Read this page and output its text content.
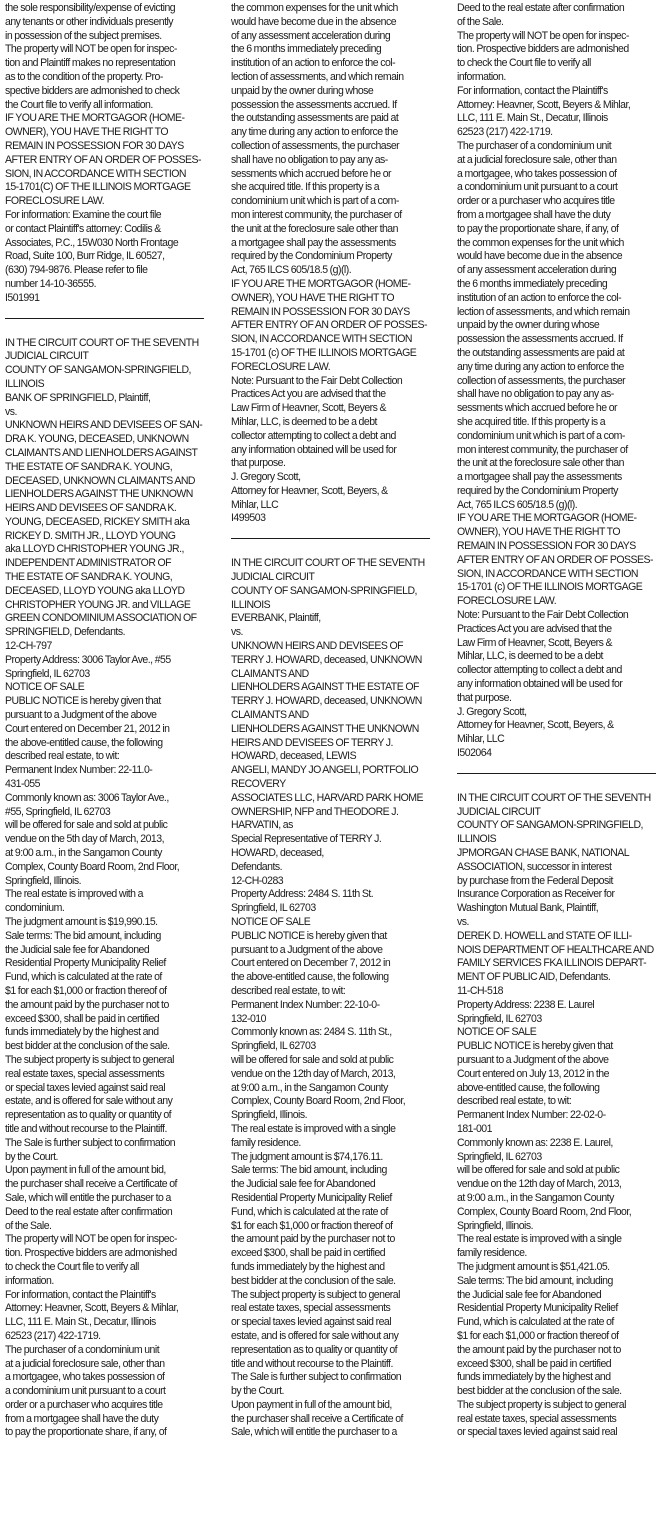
the sole responsibility/expense of evicting
any tenants or other individuals presently
in possession of the subject premises.
The property will NOT be open for inspec-
tion and Plaintiff makes no representation
as to the condition of the property. Pro-
spective bidders are admonished to check
the Court file to verify all information.
IF YOU ARE THE MORTGAGOR (HOME-
OWNER), YOU HAVE THE RIGHT TO
REMAIN IN POSSESSION FOR 30 DAYS
AFTER ENTRY OF AN ORDER OF POSSES-
SION, IN ACCORDANCE WITH SECTION
15-1701(C) OF THE ILLINOIS MORTGAGE
FORECLOSURE LAW.
For information: Examine the court file
or contact Plaintiff's attorney: Codilis &
Associates, P.C., 15W030 North Frontage
Road, Suite 100, Burr Ridge, IL 60527,
(630) 794-9876. Please refer to file
number 14-10-36555.
I501991
IN THE CIRCUIT COURT OF THE SEVENTH
JUDICIAL CIRCUIT
COUNTY OF SANGAMON-SPRINGFIELD,
ILLINOIS
BANK OF SPRINGFIELD, Plaintiff,
vs.
UNKNOWN HEIRS AND DEVISEES OF SAN-
DRA K. YOUNG, DECEASED, UNKNOWN
CLAIMANTS AND LIENHOLDERS AGAINST
THE ESTATE OF SANDRA K. YOUNG,
DECEASED, UNKNOWN CLAIMANTS AND
LIENHOLDERS AGAINST THE UNKNOWN
HEIRS AND DEVISEES OF SANDRA K.
YOUNG, DECEASED, RICKEY SMITH aka
RICKEY D. SMITH JR., LLOYD YOUNG
aka LLOYD CHRISTOPHER YOUNG JR.,
INDEPENDENT ADMINISTRATOR OF
THE ESTATE OF SANDRA K. YOUNG,
DECEASED, LLOYD YOUNG aka LLOYD
CHRISTOPHER YOUNG JR. and VILLAGE
GREEN CONDOMINIUM ASSOCIATION OF
SPRINGFIELD, Defendants.
12-CH-797
Property Address: 3006 Taylor Ave., #55
Springfield, IL 62703
NOTICE OF SALE
PUBLIC NOTICE is hereby given that
pursuant to a Judgment of the above
Court entered on December 21, 2012 in
the above-entitled cause, the following
described real estate, to wit:
Permanent Index Number: 22-11.0-
431-055
Commonly known as: 3006 Taylor Ave.,
#55, Springfield, IL 62703
will be offered for sale and sold at public
vendue on the 5th day of March, 2013,
at 9:00 a.m., in the Sangamon County
Complex, County Board Room, 2nd Floor,
Springfield, Illinois.
The real estate is improved with a
condominium.
The judgment amount is $19,990.15.
Sale terms: The bid amount, including
the Judicial sale fee for Abandoned
Residential Property Municipality Relief
Fund, which is calculated at the rate of
$1 for each $1,000 or fraction thereof of
the amount paid by the purchaser not to
exceed $300, shall be paid in certified
funds immediately by the highest and
best bidder at the conclusion of the sale.
The subject property is subject to general
real estate taxes, special assessments
or special taxes levied against said real
estate, and is offered for sale without any
representation as to quality or quantity of
title and without recourse to the Plaintiff.
The Sale is further subject to confirmation
by the Court.
Upon payment in full of the amount bid,
the purchaser shall receive a Certificate of
Sale, which will entitle the purchaser to a
Deed to the real estate after confirmation
of the Sale.
The property will NOT be open for inspec-
tion. Prospective bidders are admonished
to check the Court file to verify all
information.
For information, contact the Plaintiff's
Attorney: Heavner, Scott, Beyers & Mihlar,
LLC, 111 E. Main St., Decatur, Illinois
62523 (217) 422-1719.
The purchaser of a condominium unit
at a judicial foreclosure sale, other than
a mortgagee, who takes possession of
a condominium unit pursuant to a court
order or a purchaser who acquires title
from a mortgagee shall have the duty
to pay the proportionate share, if any, of
the common expenses for the unit which
would have become due in the absence
of any assessment acceleration during
the 6 months immediately preceding
institution of an action to enforce the col-
lection of assessments, and which remain
unpaid by the owner during whose
possession the assessments accrued. If
the outstanding assessments are paid at
any time during any action to enforce the
collection of assessments, the purchaser
shall have no obligation to pay any as-
sessments which accrued before he or
she acquired title. If this property is a
condominium unit which is part of a com-
mon interest community, the purchaser of
the unit at the foreclosure sale other than
a mortgagee shall pay the assessments
required by the Condominium Property
Act, 765 ILCS 605/18.5 (g)(l).
IF YOU ARE THE MORTGAGOR (HOME-
OWNER), YOU HAVE THE RIGHT TO
REMAIN IN POSSESSION FOR 30 DAYS
AFTER ENTRY OF AN ORDER OF POSSES-
SION, IN ACCORDANCE WITH SECTION
15-1701 (c) OF THE ILLINOIS MORTGAGE
FORECLOSURE LAW.
Note: Pursuant to the Fair Debt Collection
Practices Act you are advised that the
Law Firm of Heavner, Scott, Beyers &
Mihlar, LLC, is deemed to be a debt
collector attempting to collect a debt and
any information obtained will be used for
that purpose.
J. Gregory Scott,
Attorney for Heavner, Scott, Beyers, &
Mihlar, LLC
I499503
IN THE CIRCUIT COURT OF THE SEVENTH
JUDICIAL CIRCUIT
COUNTY OF SANGAMON-SPRINGFIELD,
ILLINOIS
EVERBANK, Plaintiff,
vs.
UNKNOWN HEIRS AND DEVISEES OF
TERRY J. HOWARD, deceased, UNKNOWN
CLAIMANTS AND
LIENHOLDERS AGAINST THE ESTATE OF
TERRY J. HOWARD, deceased, UNKNOWN
CLAIMANTS AND
LIENHOLDERS AGAINST THE UNKNOWN
HEIRS AND DEVISEES OF TERRY J.
HOWARD, deceased, LEWIS
ANGELI, MANDY JO ANGELI, PORTFOLIO
RECOVERY
ASSOCIATES LLC, HARVARD PARK HOME
OWNERSHIP, NFP and THEODORE J.
HARVATIN, as
Special Representative of TERRY J.
HOWARD, deceased,
Defendants.
12-CH-0283
Property Address: 2484 S. 11th St.
Springfield, IL 62703
NOTICE OF SALE
PUBLIC NOTICE is hereby given that
pursuant to a Judgment of the above
Court entered on December 7, 2012 in
the above-entitled cause, the following
described real estate, to wit:
Permanent Index Number: 22-10-0-
132-010
Commonly known as: 2484 S. 11th St.,
Springfield, IL 62703
will be offered for sale and sold at public
vendue on the 12th day of March, 2013,
at 9:00 a.m., in the Sangamon County
Complex, County Board Room, 2nd Floor,
Springfield, Illinois.
The real estate is improved with a single
family residence.
The judgment amount is $74,176.11.
Sale terms: The bid amount, including
the Judicial sale fee for Abandoned
Residential Property Municipality Relief
Fund, which is calculated at the rate of
$1 for each $1,000 or fraction thereof of
the amount paid by the purchaser not to
exceed $300, shall be paid in certified
funds immediately by the highest and
best bidder at the conclusion of the sale.
The subject property is subject to general
real estate taxes, special assessments
or special taxes levied against said real
estate, and is offered for sale without any
representation as to quality or quantity of
title and without recourse to the Plaintiff.
The Sale is further subject to confirmation
by the Court.
Upon payment in full of the amount bid,
the purchaser shall receive a Certificate of
Sale, which will entitle the purchaser to a
Deed to the real estate after confirmation
of the Sale.
The property will NOT be open for inspec-
tion. Prospective bidders are admonished
to check the Court file to verify all
information.
For information, contact the Plaintiff's
Attorney: Heavner, Scott, Beyers & Mihlar,
LLC, 111 E. Main St., Decatur, Illinois
62523 (217) 422-1719.
The purchaser of a condominium unit
at a judicial foreclosure sale, other than
a mortgagee, who takes possession of
a condominium unit pursuant to a court
order or a purchaser who acquires title
from a mortgagee shall have the duty
to pay the proportionate share, if any, of
the common expenses for the unit which
would have become due in the absence
of any assessment acceleration during
the 6 months immediately preceding
institution of an action to enforce the col-
lection of assessments, and which remain
unpaid by the owner during whose
possession the assessments accrued. If
the outstanding assessments are paid at
any time during any action to enforce the
collection of assessments, the purchaser
shall have no obligation to pay any as-
sessments which accrued before he or
she acquired title. If this property is a
condominium unit which is part of a com-
mon interest community, the purchaser of
the unit at the foreclosure sale other than
a mortgagee shall pay the assessments
required by the Condominium Property
Act, 765 ILCS 605/18.5 (g)(l).
IF YOU ARE THE MORTGAGOR (HOME-
OWNER), YOU HAVE THE RIGHT TO
REMAIN IN POSSESSION FOR 30 DAYS
AFTER ENTRY OF AN ORDER OF POSSES-
SION, IN ACCORDANCE WITH SECTION
15-1701 (c) OF THE ILLINOIS MORTGAGE
FORECLOSURE LAW.
Note: Pursuant to the Fair Debt Collection
Practices Act you are advised that the
Law Firm of Heavner, Scott, Beyers &
Mihlar, LLC, is deemed to be a debt
collector attempting to collect a debt and
any information obtained will be used for
that purpose.
J. Gregory Scott,
Attorney for Heavner, Scott, Beyers, &
Mihlar, LLC
I502064
IN THE CIRCUIT COURT OF THE SEVENTH
JUDICIAL CIRCUIT
COUNTY OF SANGAMON-SPRINGFIELD,
ILLINOIS
JPMORGAN CHASE BANK, NATIONAL
ASSOCIATION, successor in interest
by purchase from the Federal Deposit
Insurance Corporation as Receiver for
Washington Mutual Bank, Plaintiff,
vs.
DEREK D. HOWELL and STATE OF ILLI-
NOIS DEPARTMENT OF HEALTHCARE AND
FAMILY SERVICES FKA ILLINOIS DEPART-
MENT OF PUBLIC AID, Defendants.
11-CH-518
Property Address: 2238 E. Laurel
Springfield, IL 62703
NOTICE OF SALE
PUBLIC NOTICE is hereby given that
pursuant to a Judgment of the above
Court entered on July 13, 2012 in the
above-entitled cause, the following
described real estate, to wit:
Permanent Index Number: 22-02-0-
181-001
Commonly known as: 2238 E. Laurel,
Springfield, IL 62703
will be offered for sale and sold at public
vendue on the 12th day of March, 2013,
at 9:00 a.m., in the Sangamon County
Complex, County Board Room, 2nd Floor,
Springfield, Illinois.
The real estate is improved with a single
family residence.
The judgment amount is $51,421.05.
Sale terms: The bid amount, including
the Judicial sale fee for Abandoned
Residential Property Municipality Relief
Fund, which is calculated at the rate of
$1 for each $1,000 or fraction thereof of
the amount paid by the purchaser not to
exceed $300, shall be paid in certified
funds immediately by the highest and
best bidder at the conclusion of the sale.
The subject property is subject to general
real estate taxes, special assessments
or special taxes levied against said real
